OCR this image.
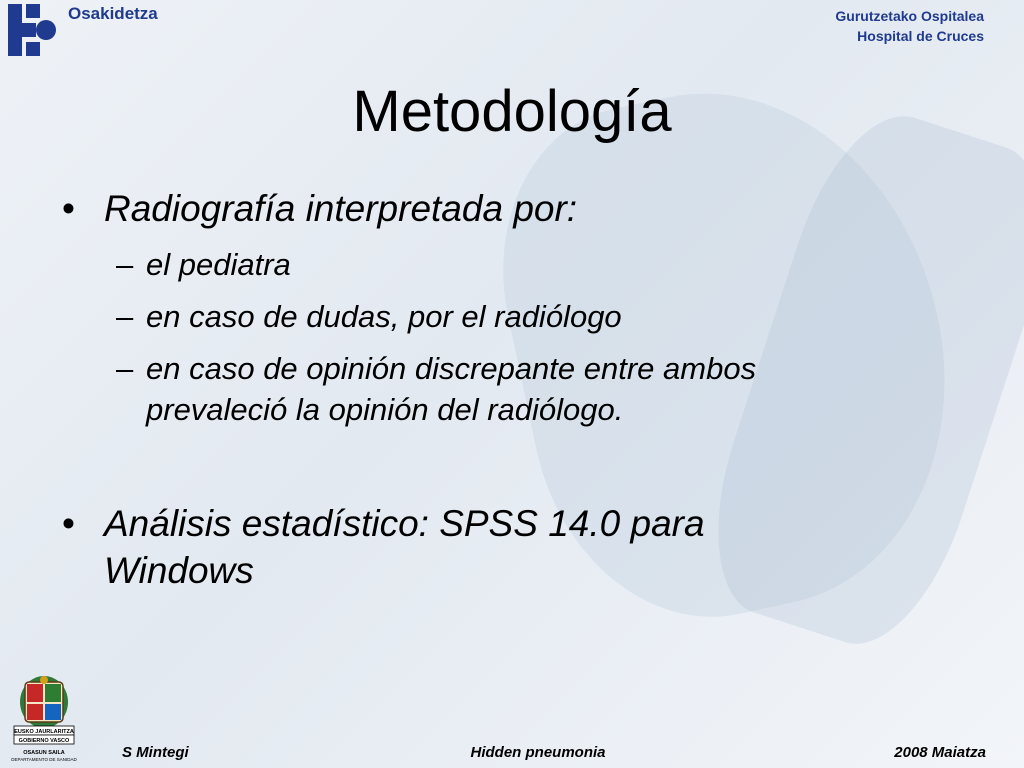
Osakidetza	Gurutzetako Ospitalea
Hospital de Cruces
Metodología
• Radiografía interpretada por:
– el pediatra
– en caso de dudas, por el radiólogo
– en caso de opinión discrepante entre ambos
prevaleció la opinión del radiólogo.
• Análisis estadístico: SPSS 14.0 para
Windows
EUSKO JAURLARITZA
GOBIERNO VASCO
OSASUN SAILA
DEPARTAMENTO DE SANIDAD	S Mintegi	Hidden pneumonia	2008 Maiatza
